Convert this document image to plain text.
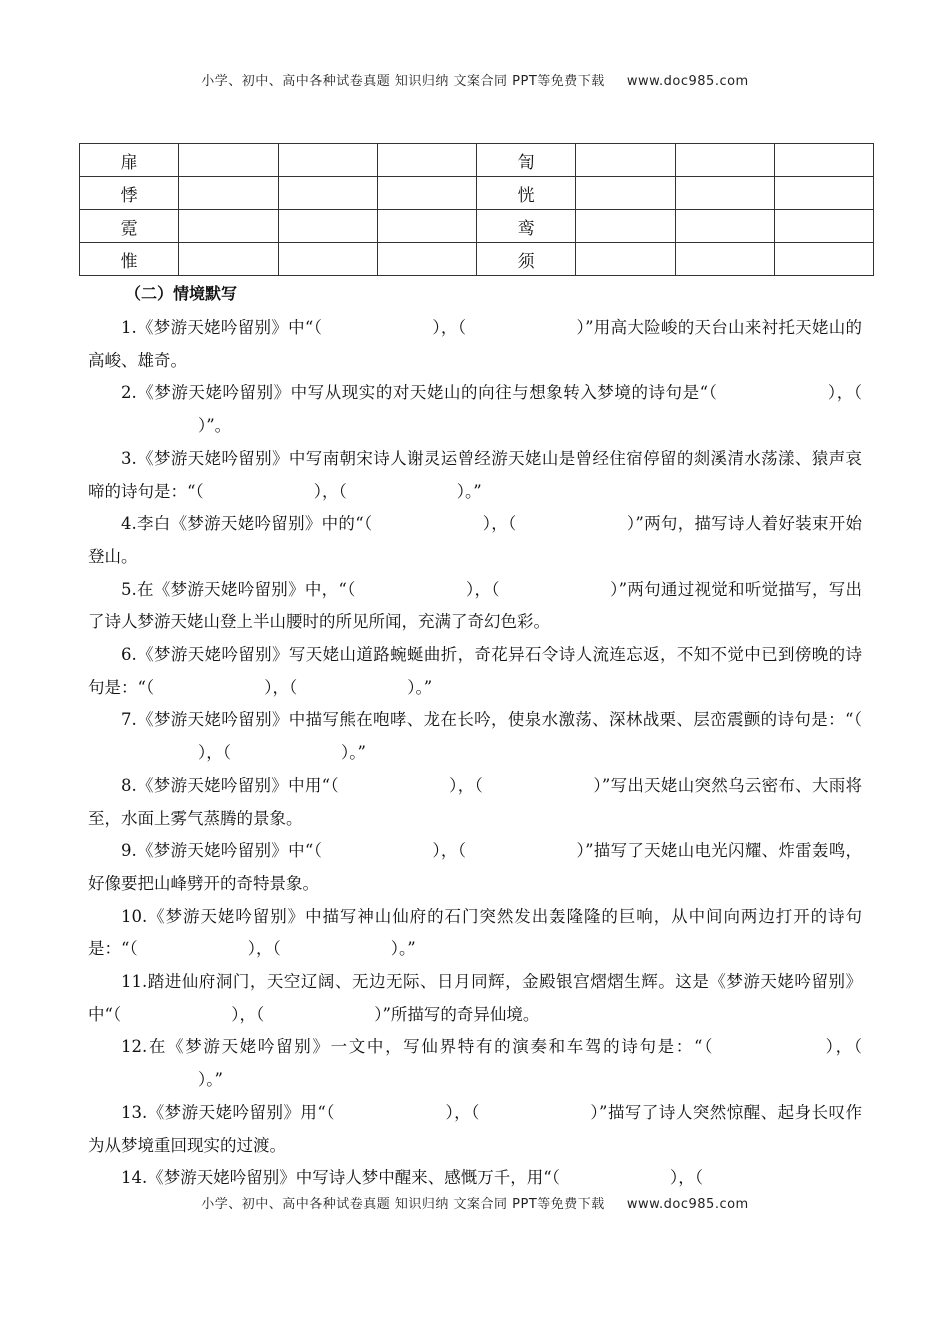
小学、初中、高中各种试卷真题 知识归纳 文案合同 PPT等免费下载 www.doc985.com
扉				訇			
悸				恍			
霓				鸾			
惟				须			
（二）情境默写

1.《梦游天姥吟留别》中“（	），（	）”用高大险峻的天台山来衬托天姥山的高峻、雄奇。

2.《梦游天姥吟留别》中写从现实的对天姥山的向往与想象转入梦境的诗句是“（	），（）”。

3.《梦游天姥吟留别》中写南朝宋诗人谢灵运曾经游天姥山是曾经住宿停留的剡溪清水荡漾、猿声哀啼的诗句是：“（	），（	）。”

4.李白《梦游天姥吟留别》中的“（	），（	）”两句，描写诗人着好装束开始登山。

5.在《梦游天姥吟留别》中，“（	），（	）”两句通过视觉和听觉描写，写出了诗人梦游天姥山登上半山腰时的所见所闻，充满了奇幻色彩。

6.《梦游天姥吟留别》写天姥山道路蜿蜒曲折，奇花异石令诗人流连忘返，不知不觉中已到傍晚的诗句是：“（	），（	）。”

7.《梦游天姥吟留别》中描写熊在咆哮、龙在长吟，使泉水激荡、深林战栗、层峦震颤的诗句是：“（），（	）。”

8.《梦游天姥吟留别》中用“（	），（	）”写出天姥山突然乌云密布、大雨将至，水面上雾气蒸腾的景象。

9.《梦游天姥吟留别》中“（	），（	）”描写了天姥山电光闪耀、炸雷轰鸣，好像要把山峰劈开的奇特景象。

10.《梦游天姥吟留别》中描写神山仙府的石门突然发出轰隆隆的巨响，从中间向两边打开的诗句是：“（	），（	）。”

11.踏进仙府洞门，天空辽阔、无边无际、日月同辉，金殿银宫熠熠生辉。这是《梦游天姥吟留别》中“（	），（	）”所描写的奇异仙境。

12.在《梦游天姥吟留别》一文中，写仙界特有的演奏和车驾的诗句是：“（	），（）。”

13.《梦游天姥吟留别》用“（	），（	）”描写了诗人突然惊醒、起身长叹作为从梦境重回现实的过渡。

14.《梦游天姥吟留别》中写诗人梦中醒来、感慨万千，用“（	），（

小学、初中、高中各种试卷真题 知识归纳 文案合同 PPT等免费下载 www.doc985.com
